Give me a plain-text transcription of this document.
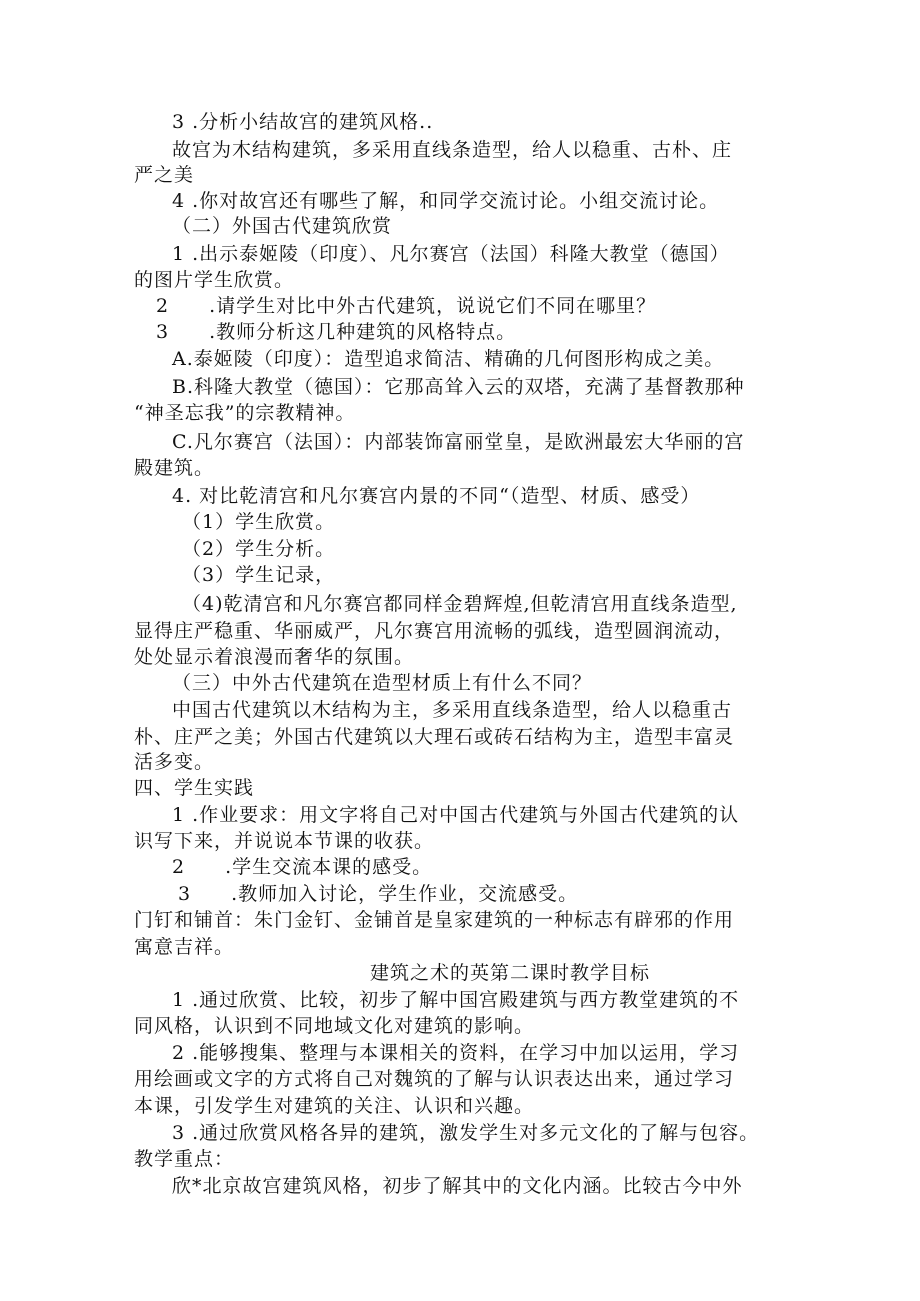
3 .分析小结故宫的建筑风格..
故宫为木结构建筑，多采用直线条造型，给人以稳重、古朴、庄
严之美
4 .你对故宫还有哪些了解，和同学交流讨论。小组交流讨论。
（二）外国古代建筑欣赏
1 .出示泰姬陵（印度）、凡尔赛宫（法国）科隆大教堂（德国）
的图片学生欣赏。
2　　.请学生对比中外古代建筑，说说它们不同在哪里？
3　　.教师分析这几种建筑的风格特点。
A.泰姬陵（印度）：造型追求简洁、精确的几何图形构成之美。
B.科隆大教堂（德国）：它那高耸入云的双塔，充满了基督教那种
“神圣忘我”的宗教精神。
C.凡尔赛宫（法国）：内部装饰富丽堂皇，是欧洲最宏大华丽的宫
殿建筑。
4. 对比乾清宫和凡尔赛宫内景的不同“（造型、材质、感受）
（1）学生欣赏。
（2）学生分析。
（3）学生记录，
（4)乾清宫和凡尔赛宫都同样金碧辉煌,但乾清宫用直线条造型,
显得庄严稳重、华丽威严，凡尔赛宫用流畅的弧线，造型圆润流动，
处处显示着浪漫而奢华的氛围。
（三）中外古代建筑在造型材质上有什么不同？
中国古代建筑以木结构为主，多采用直线条造型，给人以稳重古
朴、庄严之美；外国古代建筑以大理石或砖石结构为主，造型丰富灵
活多变。
四、学生实践
1 .作业要求：用文字将自己对中国古代建筑与外国古代建筑的认
识写下来，并说说本节课的收获。
2　　.学生交流本课的感受。
3　　.教师加入讨论，学生作业，交流感受。
门钉和铺首：朱门金钉、金铺首是皇家建筑的一种标志有辟邪的作用
寓意吉祥。
建筑之术的英第二课时教学目标
1 .通过欣赏、比较，初步了解中国宫殿建筑与西方教堂建筑的不
同风格，认识到不同地域文化对建筑的影响。
2 .能够搜集、整理与本课相关的资料，在学习中加以运用，学习
用绘画或文字的方式将自己对魏筑的了解与认识表达出来，通过学习
本课，引发学生对建筑的关注、认识和兴趣。
3 .通过欣赏风格各异的建筑，激发学生对多元文化的了解与包容。
教学重点：
欣*北京故宫建筑风格，初步了解其中的文化内涵。比较古今中外
